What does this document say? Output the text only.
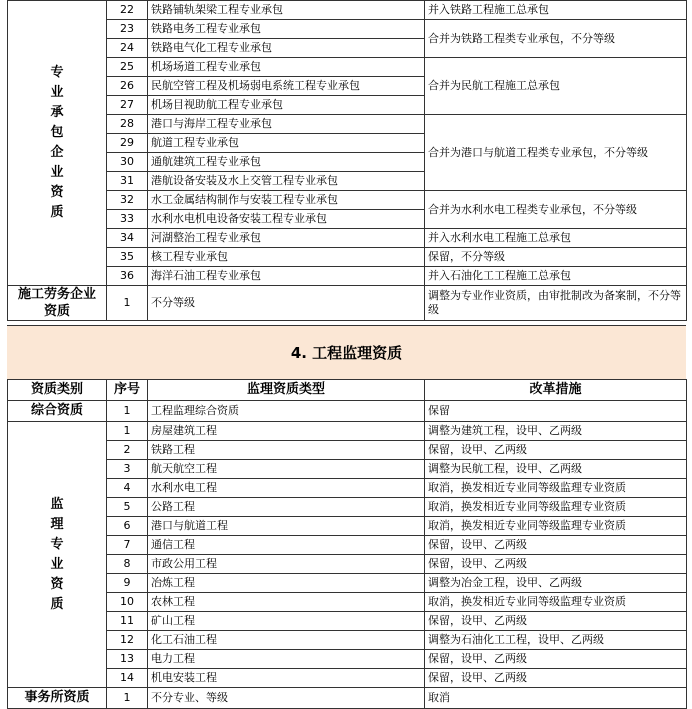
专业承包企业资质	22	铁路铺轨架梁工程专业承包	并入铁路工程施工总承包
	23	铁路电务工程专业承包	合并为铁路工程类专业承包，不分等级
	24	铁路电气化工程专业承包	
	25	机场场道工程专业承包	合并为民航工程施工总承包
	26	民航空管工程及机场弱电系统工程专业承包	
	27	机场目视助航工程专业承包	
	28	港口与海岸工程专业承包	合并为港口与航道工程类专业承包，不分等级
	29	航道工程专业承包	
	30	通航建筑工程专业承包	
	31	港航设备安装及水上交管工程专业承包	
	32	水工金属结构制作与安装工程专业承包	合并为水利水电工程类专业承包，不分等级
	33	水利水电机电设备安装工程专业承包	
	34	河湖整治工程专业承包	并入水利水电工程施工总承包
	35	核工程专业承包	保留，不分等级
	36	海洋石油工程专业承包	并入石油化工工程施工总承包
施工劳务企业资质	1	不分等级	调整为专业作业资质，由审批制改为备案制，不分等级
4. 工程监理资质
资质类别	序号	监理资质类型	改革措施
综合资质	1	工程监理综合资质	保留
监理专业资质	1	房屋建筑工程	调整为建筑工程，设甲、乙两级
	2	铁路工程	保留，设甲、乙两级
	3	航天航空工程	调整为民航工程，设甲、乙两级
	4	水利水电工程	取消，换发相近专业同等级监理专业资质
	5	公路工程	取消，换发相近专业同等级监理专业资质
	6	港口与航道工程	取消，换发相近专业同等级监理专业资质
	7	通信工程	保留，设甲、乙两级
	8	市政公用工程	保留，设甲、乙两级
	9	冶炼工程	调整为冶金工程，设甲、乙两级
	10	农林工程	取消，换发相近专业同等级监理专业资质
	11	矿山工程	保留，设甲、乙两级
	12	化工石油工程	调整为石油化工工程，设甲、乙两级
	13	电力工程	保留，设甲、乙两级
	14	机电安装工程	保留，设甲、乙两级
事务所资质	1	不分专业、等级	取消
